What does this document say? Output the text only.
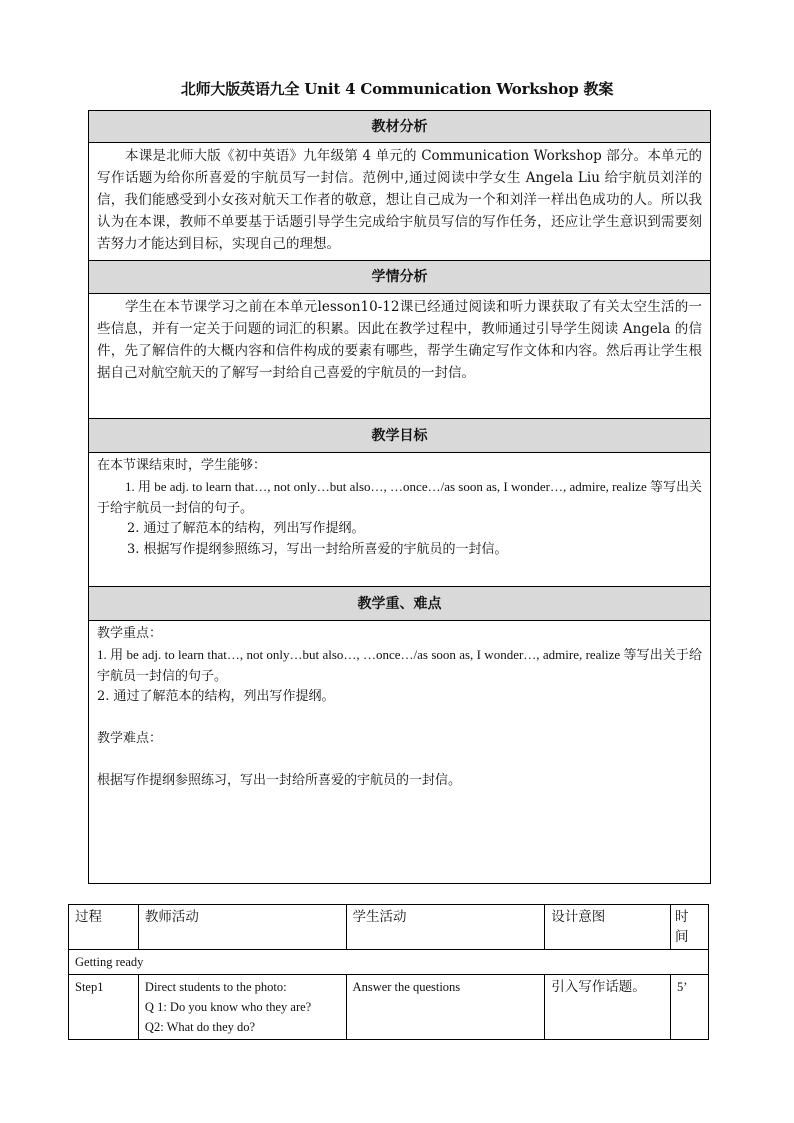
北师大版英语九全 Unit 4 Communication Workshop 教案
教材分析

本课是北师大版《初中英语》九年级第 4 单元的 Communication Workshop 部分。本单元的写作话题为给你所喜爱的宇航员写一封信。范例中,通过阅读中学女生 Angela Liu 给宇航员刘洋的信，我们能感受到小女孩对航天工作者的敬意，想让自己成为一个和刘洋一样出色成功的人。所以我认为在本课，教师不单要基于话题引导学生完成给宇航员写信的写作任务，还应让学生意识到需要刻苦努力才能达到目标，实现自己的理想。

学情分析

学生在本节课学习之前在本单元lesson10-12课已经通过阅读和听力课获取了有关太空生活的一些信息，并有一定关于问题的词汇的积累。因此在教学过程中，教师通过引导学生阅读 Angela 的信件，先了解信件的大概内容和信件构成的要素有哪些，帮学生确定写作文体和内容。然后再让学生根据自己对航空航天的了解写一封给自己喜爱的宇航员的一封信。

教学目标

在本节课结束时，学生能够：

1. 用 be adj. to learn that…, not only…but also…, …once…/as soon as, I wonder…, admire, realize 等写出关于给宇航员一封信的句子。

2. 通过了解范本的结构，列出写作提纲。

3. 根据写作提纲参照练习，写出一封给所喜爱的宇航员的一封信。

教学重、难点

教学重点：

1. 用 be adj. to learn that…, not only…but also…, …once…/as soon as, I wonder…, admire, realize 等写出关于给宇航员一封信的句子。

2. 通过了解范本的结构，列出写作提纲。

教学难点：

根据写作提纲参照练习，写出一封给所喜爱的宇航员的一封信。

过程	教师活动	学生活动	设计意图	时间

Getting ready				
Step1	Direct students to the photo:
Q 1: Do you know who they are?
Q2: What do they do?	Answer the questions	引入写作话题。	5’
